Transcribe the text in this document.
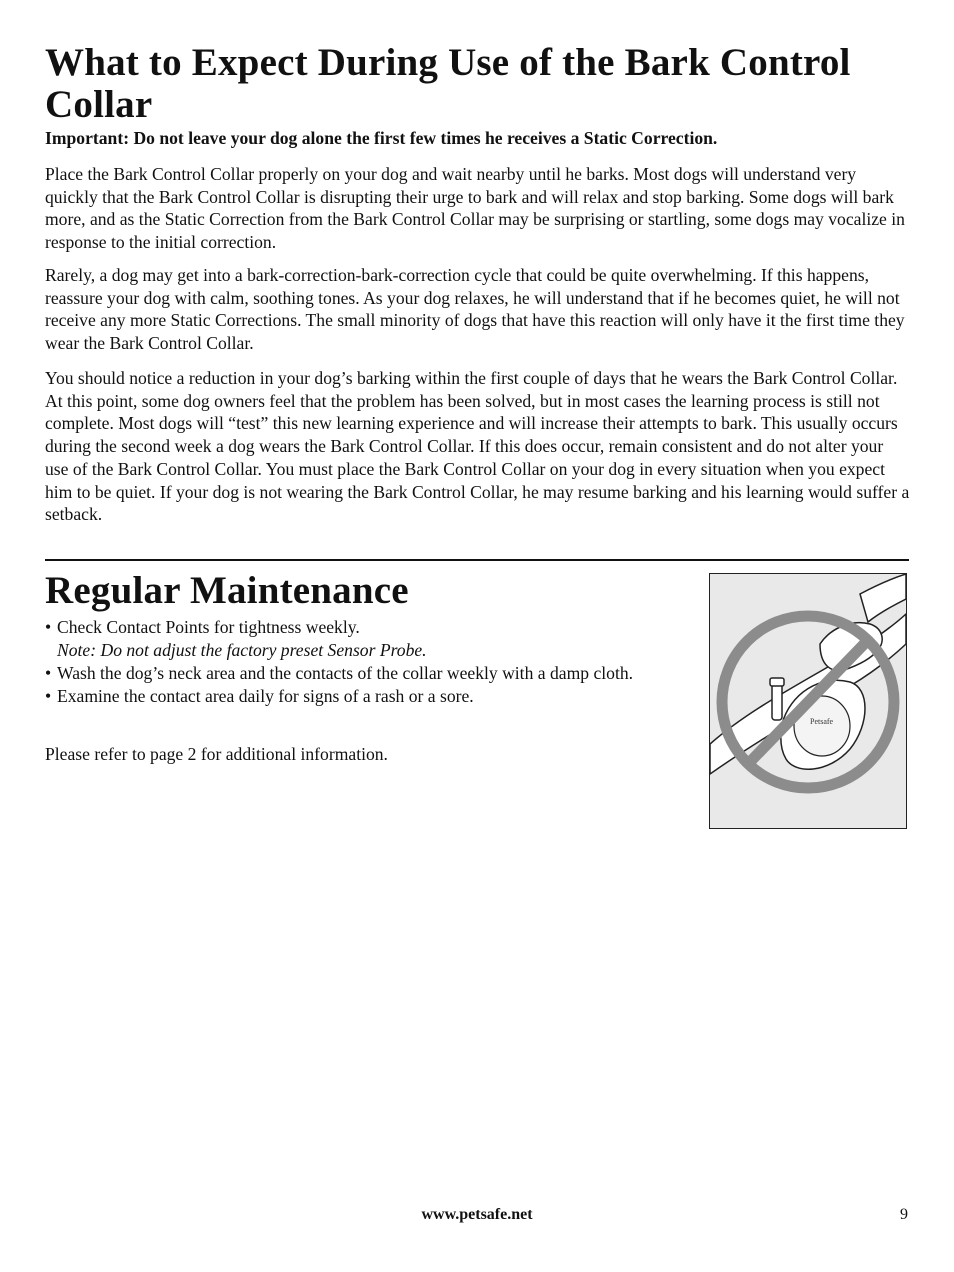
What to Expect During Use of the Bark Control Collar

Important: Do not leave your dog alone the first few times he receives a Static Correction.

Place the Bark Control Collar properly on your dog and wait nearby until he barks. Most dogs will understand very quickly that the Bark Control Collar is disrupting their urge to bark and will relax and stop barking. Some dogs will bark more, and as the Static Correction from the Bark Control Collar may be surprising or startling, some dogs may vocalize in response to the initial correction.

Rarely, a dog may get into a bark-correction-bark-correction cycle that could be quite overwhelming. If this happens, reassure your dog with calm, soothing tones. As your dog relaxes, he will understand that if he becomes quiet, he will not receive any more Static Corrections. The small minority of dogs that have this reaction will only have it the first time they wear the Bark Control Collar.

You should notice a reduction in your dog’s barking within the first couple of days that he wears the Bark Control Collar. At this point, some dog owners feel that the problem has been solved, but in most cases the learning process is still not complete. Most dogs will “test” this new learning experience and will increase their attempts to bark. This usually occurs during the second week a dog wears the Bark Control Collar. If this does occur, remain consistent and do not alter your use of the Bark Control Collar. You must place the Bark Control Collar on your dog in every situation when you expect him to be quiet. If your dog is not wearing the Bark Control Collar, he may resume barking and his learning would suffer a setback.

Regular Maintenance
• Check Contact Points for tightness weekly.
Note: Do not adjust the factory preset Sensor Probe.
• Wash the dog’s neck area and the contacts of the collar weekly with a damp cloth.
• Examine the contact area daily for signs of a rash or a sore.

Please refer to page 2 for additional information.

Petsafe

www.petsafe.net	9
